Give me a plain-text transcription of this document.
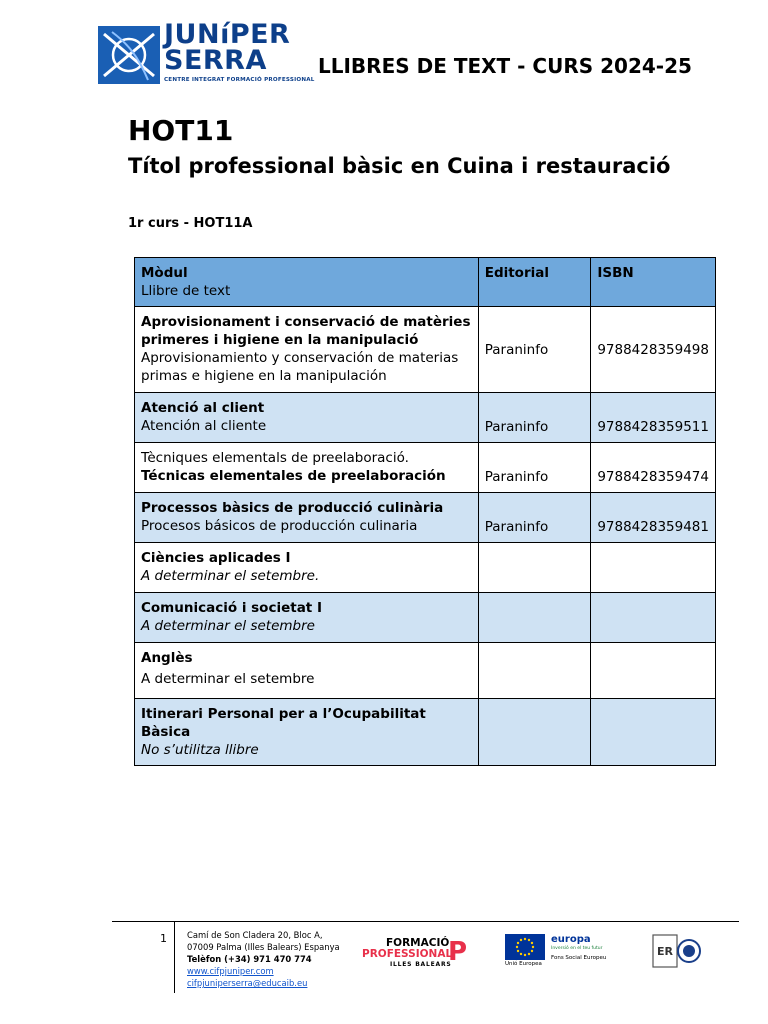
JUNíPER
SERRA
CENTRE INTEGRAT FORMACIÓ PROFESSIONAL
LLIBRES DE TEXT - CURS 2024-25
HOT11
Títol professional bàsic en Cuina i restauració
1r curs - HOT11A
Mòdul
Llibre de text	Editorial	ISBN

Aprovisionament i conservació de matèries primeres i higiene en la manipulació
Aprovisionamiento y conservación de materias primas e higiene en la manipulación	Paraninfo	9788428359498

Atenció al client
Atención al cliente	Paraninfo	9788428359511

Tècniques elementals de preelaboració.
Técnicas elementales de preelaboración	Paraninfo	9788428359474

Processos bàsics de producció culinària
Procesos básicos de producción culinaria	Paraninfo	9788428359481

Ciències aplicades I
A determinar el setembre.		

Comunicació i societat I
A determinar el setembre		

Anglès
A determinar el setembre		

Itinerari Personal per a l’Ocupabilitat Bàsica
No s’utilitza llibre		

1 Camí de Son Cladera 20, Bloc A,
07009 Palma (Illes Balears) Espanya
Telèfon (+34) 971 470 774
www.cifpjuniper.com
cifpjuniperserra@educaib.eu
FORMACIÓ
PROFESSIONAL
ILLES BALEARS
P	Unió Europea
europa
Inversió en el teu futur
Fons Social Europeu	ER
